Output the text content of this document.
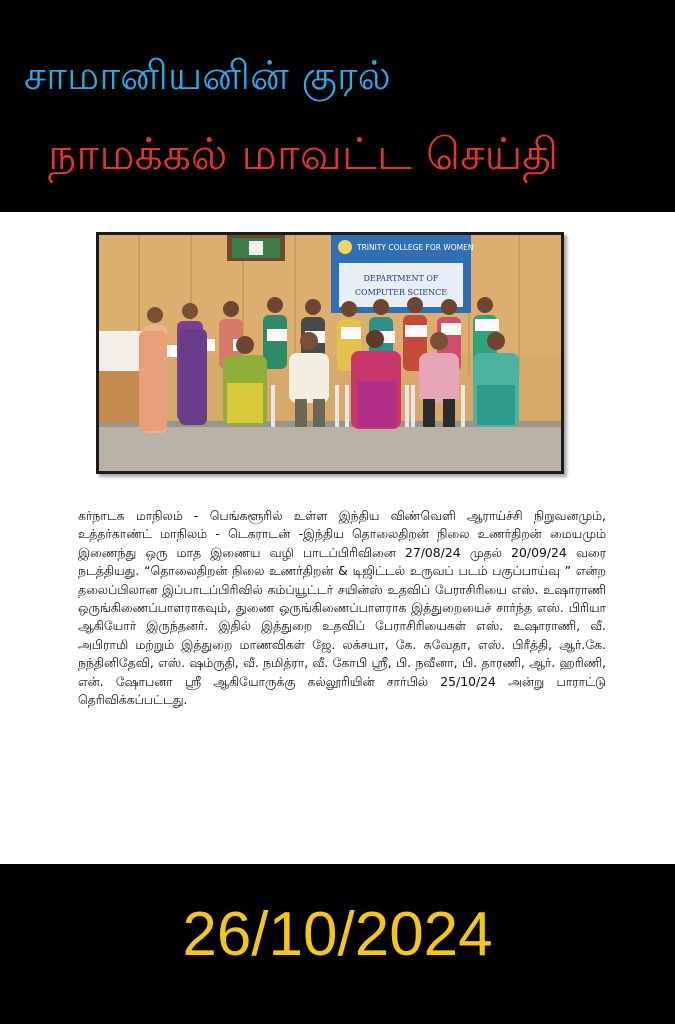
சாமானியனின் குரல்
நாமக்கல் மாவட்ட செய்தி
TRINITY COLLEGE FOR WOMEN
DEPARTMENT OF
COMPUTER SCIENCE
கர்நாடக மாநிலம் - பெங்களூரில் உள்ள இந்திய விண்வெளி ஆராய்ச்சி நிறுவனமும், உத்தர்காண்ட் மாநிலம் - டெகராடன் -இந்திய தொலைதிறன் நிலை உணர்திறன் மையமும் இணைந்து ஒரு மாத இணைய வழி பாடப்பிரிவினை 27/08/24 முதல் 20/09/24 வரை நடத்தியது. “தொலைதிறன் நிலை உணர்திறன் & டிஜிட்டல் உருவப் படம் பகுப்பாய்வு ” என்ற தலைப்பிலான இப்பாடப்பிரிவில் கம்ப்யூட்டர் சயின்ஸ் உதவிப் பேராசிரியை எஸ். உஷாராணி ஒருங்கிணைப்பாளராகவும், துணை ஒருங்கிணைப்பாளராக இத்துறையைச் சார்ந்த எஸ். பிரியா ஆகியோர் இருந்தனர். இதில் இத்துறை உதவிப் பேராசிரியைகள் எஸ். உஷாராணி, வீ. அபிராமி மற்றும் இத்துறை மாணவிகள் ஜே. லக்சயா, கே. சுவேதா, எஸ். பிரீத்தி, ஆர்.கே. நந்தினிதேவி, எஸ். ஷம்ருதி, வீ. நமித்ரா, வீ. கோபி ஸ்ரீ, பி. நவீனா, பி. தாரணி, ஆர். ஹரிணி, என். ஷோபனா ஸ்ரீ ஆகியோருக்கு கல்லூரியின் சார்பில் 25/10/24 அன்று பாராட்டு தெரிவிக்கப்பட்டது.
26/10/2024
